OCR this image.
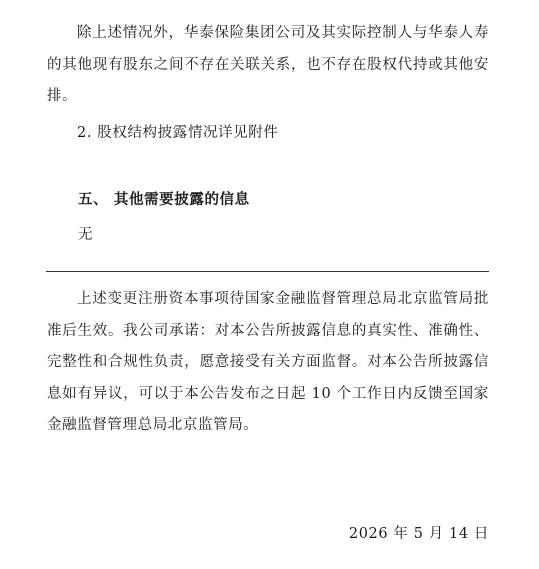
除上述情况外，华泰保险集团公司及其实际控制人与华泰人寿的其他现有股东之间不存在关联关系，也不存在股权代持或其他安排。

2. 股权结构披露情况详见附件

五、 其他需要披露的信息

无

上述变更注册资本事项待国家金融监督管理总局北京监管局批准后生效。我公司承诺：对本公告所披露信息的真实性、准确性、完整性和合规性负责，愿意接受有关方面监督。对本公告所披露信息如有异议，可以于本公告发布之日起 10 个工作日内反馈至国家金融监督管理总局北京监管局。

2026 年 5 月 14 日
